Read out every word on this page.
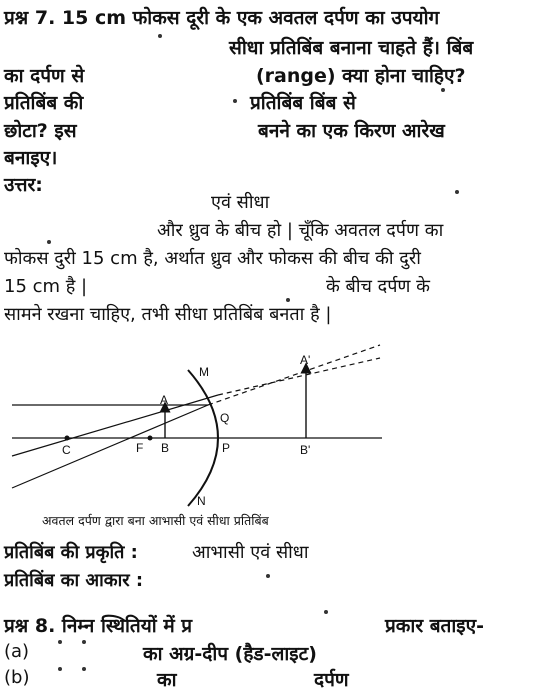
प्रश्न 7. 15 cm फोकस दूरी के एक अवतल दर्पण का उपयोग
सीधा प्रतिबिंब बनाना चाहते हैं। बिंब
का दर्पण से	(range) क्या होना चाहिए?
प्रतिबिंब की	प्रतिबिंब बिंब से
छोटा? इस	बनने का एक किरण आरेख
बनाइए।
उत्तर:
एवं सीधा
और ध्रुव के बीच हो | चूँकि अवतल दर्पण का
फोकस दुरी 15 cm है, अर्थात ध्रुव और फोकस की बीच की दुरी
15 cm है |	के बीच दर्पण के
सामने रखना चाहिए, तभी सीधा प्रतिबिंब बनता है |
M
N
A
B
C	F	P
Q
A'
B'
अवतल दर्पण द्वारा बना आभासी एवं सीधा प्रतिबिंब
प्रतिबिंब की प्रकृति :	आभासी एवं सीधा
प्रतिबिंब का आकार :
प्रश्न 8. निम्न स्थितियों में प्र	प्रकार बताइए-
(a)	का अग्र-दीप (हैड-लाइट)
(b)	का	दर्पण
